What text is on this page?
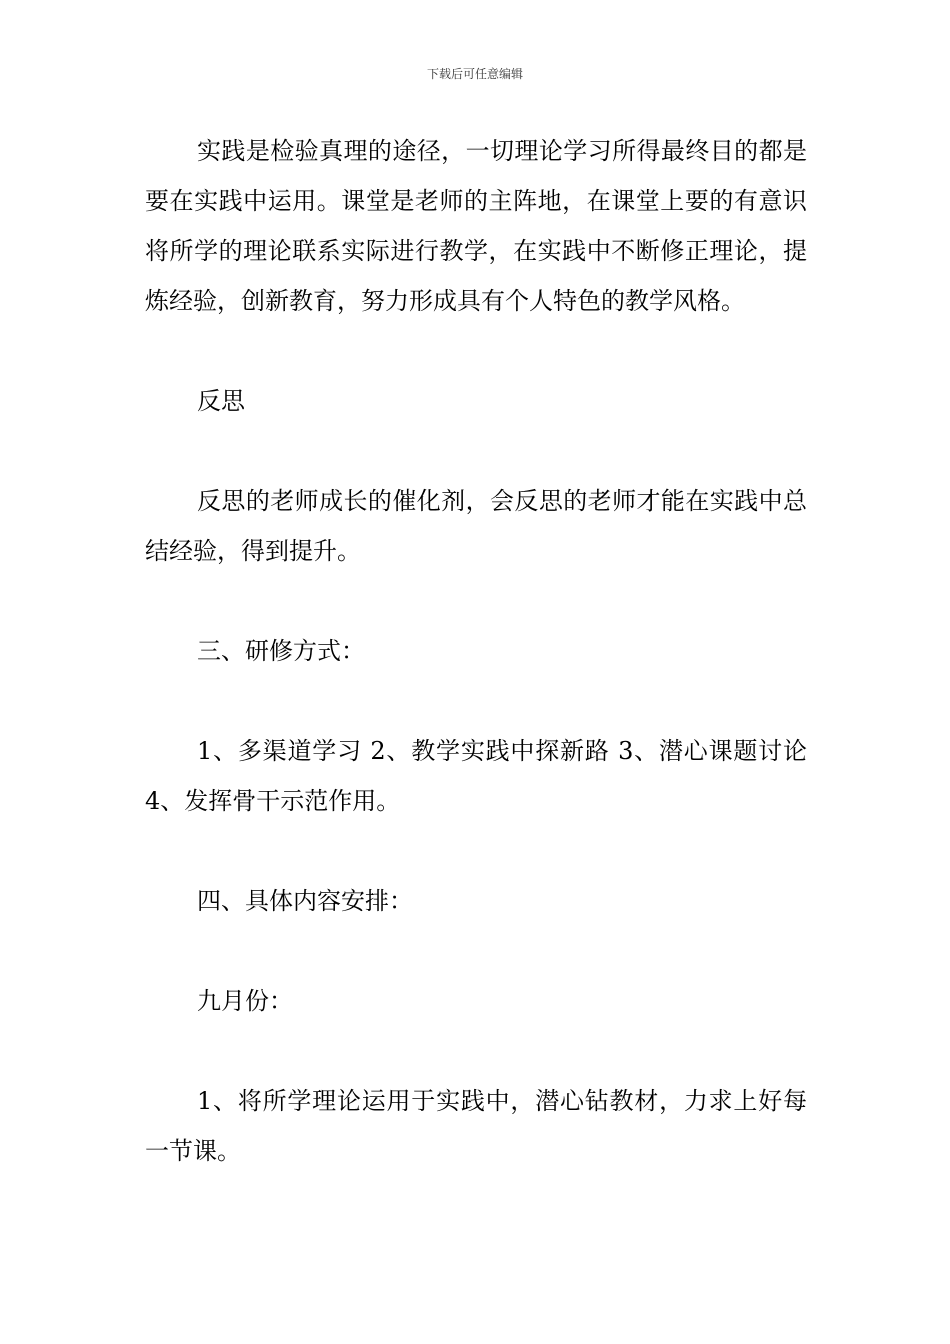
下载后可任意编辑

实践是检验真理的途径，一切理论学习所得最终目的都是要在实践中运用。课堂是老师的主阵地，在课堂上要的有意识将所学的理论联系实际进行教学，在实践中不断修正理论，提炼经验，创新教育，努力形成具有个人特色的教学风格。

反思

反思的老师成长的催化剂，会反思的老师才能在实践中总结经验，得到提升。

三、研修方式：

1、多渠道学习 2、教学实践中探新路 3、潜心课题讨论 4、发挥骨干示范作用。

四、具体内容安排：

九月份：

1、将所学理论运用于实践中，潜心钻教材，力求上好每一节课。
